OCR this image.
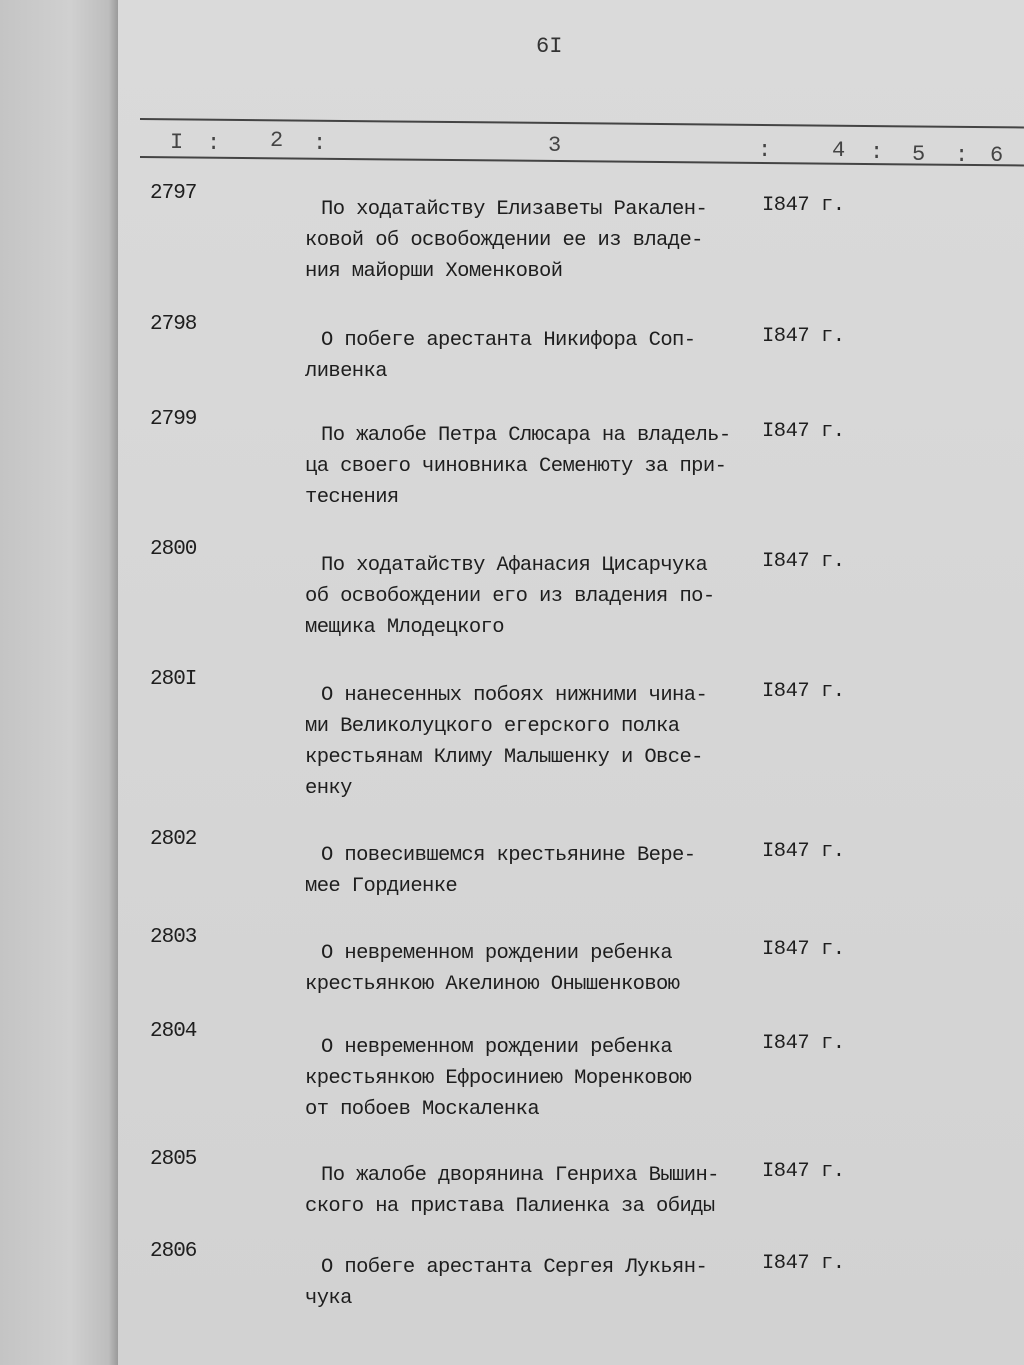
6I
I : 2 :	3	:	4 : 5 : 6
2797
По ходатайству Елизаветы Ракален-
ковой об освобождении ее из владе-
ния майорши Хоменковой
I847 г.
2798
О побеге арестанта Никифора Соп-
ливенка
I847 г.
2799
По жалобе Петра Слюсара на владель-
ца своего чиновника Семенюту за при-
теснения
I847 г.
2800
По ходатайству Афанасия Цисарчука
об освобождении его из владения по-
мещика Млодецкого
I847 г.
280I
О нанесенных побоях нижними чина-
ми Великолуцкого егерского полка
крестьянам Климу Малышенку и Овсе-
енку
I847 г.
2802
О повесившемся крестьянине Вере-
мее Гордиенке
I847 г.
2803
О невременном рождении ребенка
крестьянкою Акелиною Онышенковою
I847 г.
2804
О невременном рождении ребенка
крестьянкою Ефросиниею Моренковою
от побоев Москаленка
I847 г.
2805
По жалобе дворянина Генриха Вышин-
ского на пристава Палиенка за обиды
I847 г.
2806
О побеге арестанта Сергея Лукьян-
чука
I847 г.
